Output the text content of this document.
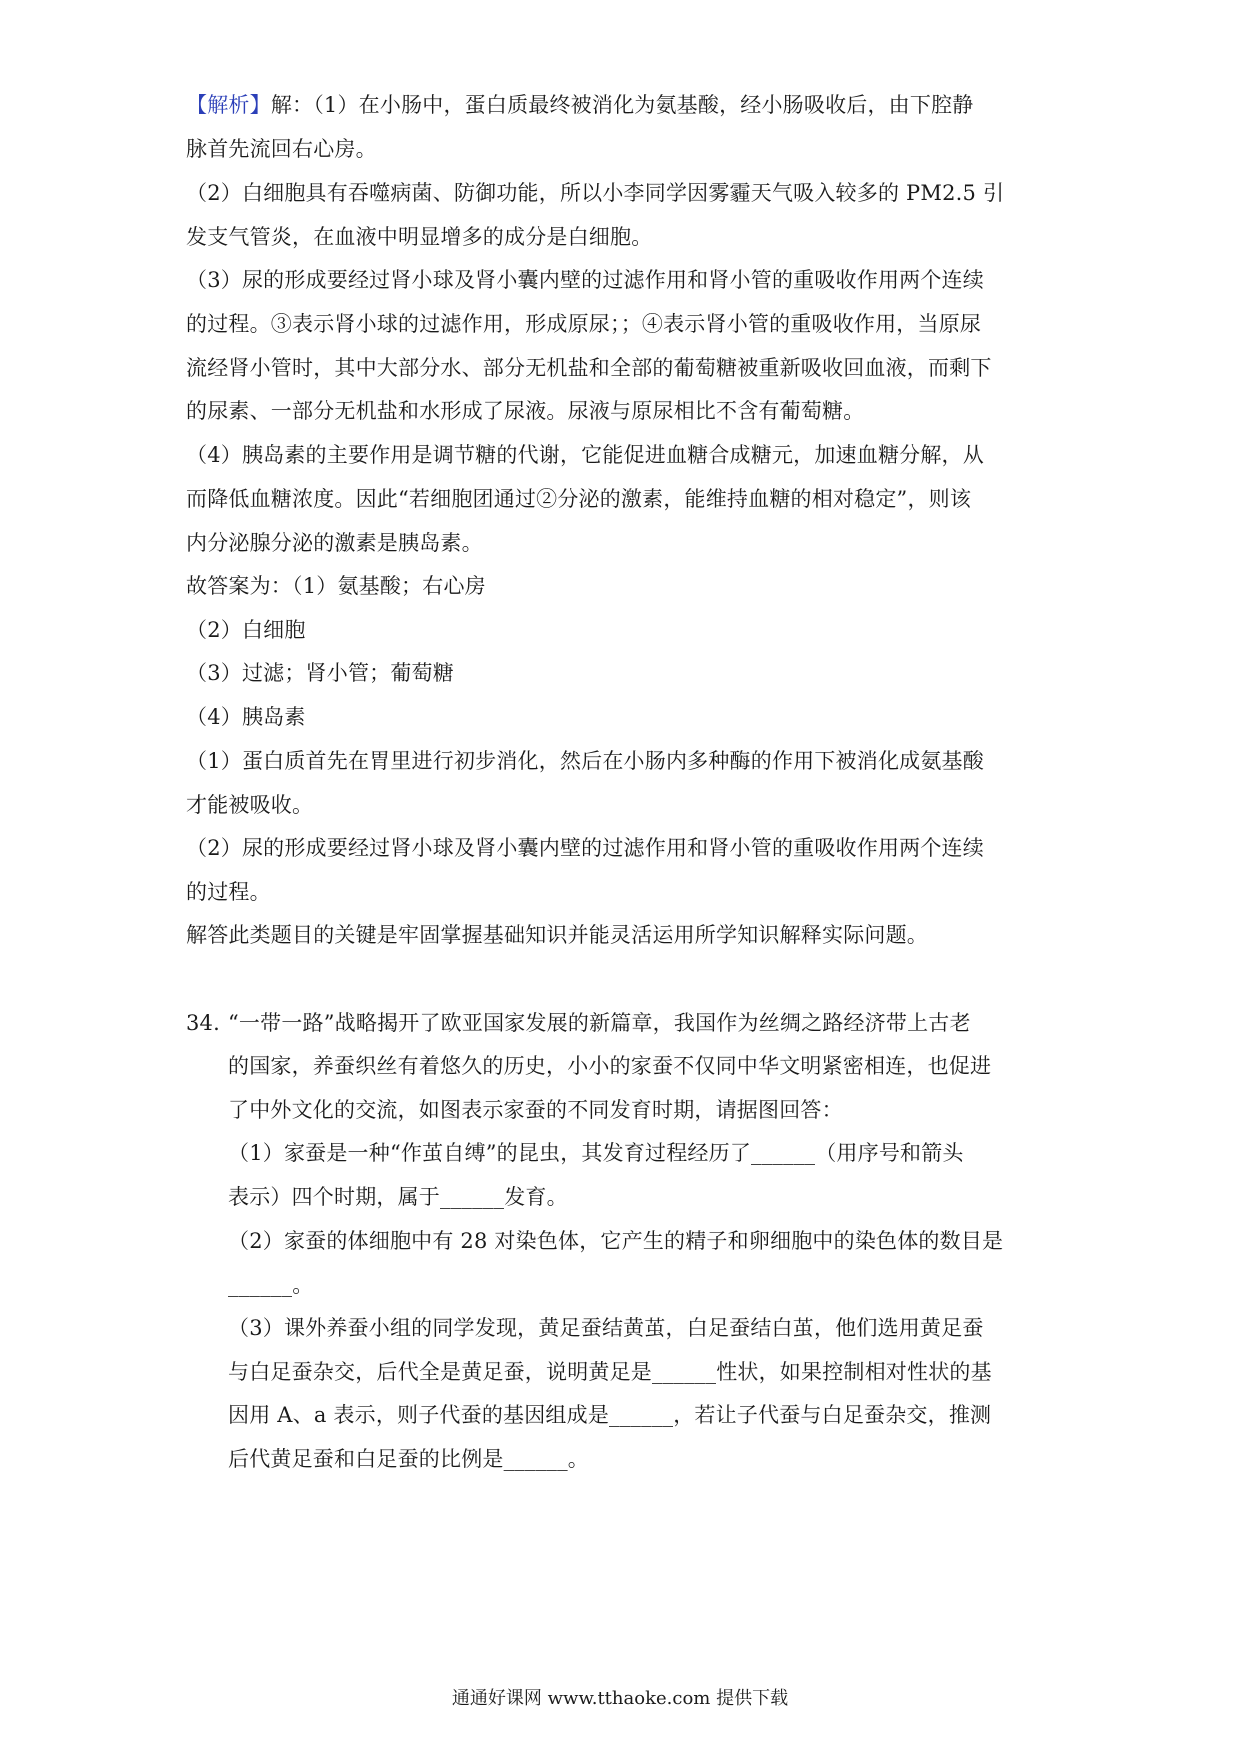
【解析】解：（1）在小肠中，蛋白质最终被消化为氨基酸，经小肠吸收后，由下腔静
脉首先流回右心房。
（2）白细胞具有吞噬病菌、防御功能，所以小李同学因雾霾天气吸入较多的 PM2.5 引
发支气管炎，在血液中明显增多的成分是白细胞。
（3）尿的形成要经过肾小球及肾小囊内壁的过滤作用和肾小管的重吸收作用两个连续
的过程。③表示肾小球的过滤作用，形成原尿；；④表示肾小管的重吸收作用，当原尿
流经肾小管时，其中大部分水、部分无机盐和全部的葡萄糖被重新吸收回血液，而剩下
的尿素、一部分无机盐和水形成了尿液。尿液与原尿相比不含有葡萄糖。
（4）胰岛素的主要作用是调节糖的代谢，它能促进血糖合成糖元，加速血糖分解，从
而降低血糖浓度。因此“若细胞团通过②分泌的激素，能维持血糖的相对稳定”，则该
内分泌腺分泌的激素是胰岛素。
故答案为：（1）氨基酸；右心房
（2）白细胞
（3）过滤；肾小管；葡萄糖
（4）胰岛素
（1）蛋白质首先在胃里进行初步消化，然后在小肠内多种酶的作用下被消化成氨基酸
才能被吸收。
（2）尿的形成要经过肾小球及肾小囊内壁的过滤作用和肾小管的重吸收作用两个连续
的过程。
解答此类题目的关键是牢固掌握基础知识并能灵活运用所学知识解释实际问题。
34. “一带一路”战略揭开了欧亚国家发展的新篇章，我国作为丝绸之路经济带上古老
的国家，养蚕织丝有着悠久的历史，小小的家蚕不仅同中华文明紧密相连，也促进
了中外文化的交流，如图表示家蚕的不同发育时期，请据图回答：
（1）家蚕是一种“作茧自缚”的昆虫，其发育过程经历了______（用序号和箭头
表示）四个时期，属于______发育。
（2）家蚕的体细胞中有 28 对染色体，它产生的精子和卵细胞中的染色体的数目是
______。
（3）课外养蚕小组的同学发现，黄足蚕结黄茧，白足蚕结白茧，他们选用黄足蚕
与白足蚕杂交，后代全是黄足蚕，说明黄足是______性状，如果控制相对性状的基
因用 A、a 表示，则子代蚕的基因组成是______，若让子代蚕与白足蚕杂交，推测
后代黄足蚕和白足蚕的比例是______。
通通好课网 www.tthaoke.com 提供下载
